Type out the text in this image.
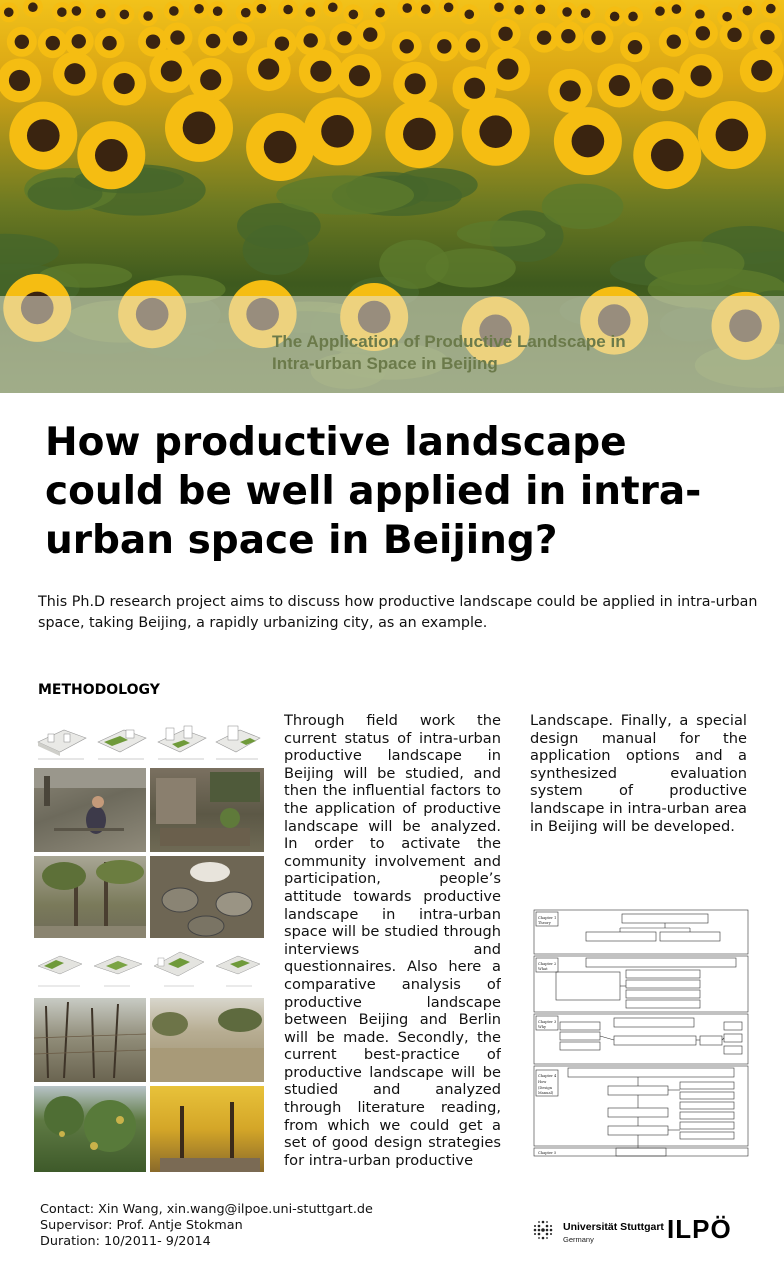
The Application of Productive Landscape in
Intra-urban Space in Beijing
How productive landscape could be well applied in intra-urban space in Beijing?

This Ph.D research project aims to discuss how productive landscape could be applied in intra-urban space, taking Beijing, a rapidly urbanizing city, as an example.

METHODOLOGY

Through field work the current status of intra-urban productive landscape in Beijing will be studied, and then the influential factors to the application of productive landscape will be analyzed. In order to activate the community involvement and participation, people’s attitude towards productive landscape in intra-urban space will be studied through interviews and questionnaires. Also here a comparative analysis of productive landscape between Beijing and Berlin will be made. Secondly, the current best-practice of productive landscape will be studied and analyzed through literature reading, from which we could get a set of good design strategies for intra-urban productive

Landscape. Finally, a special design manual for the application options and a synthesized evaluation system of productive landscape in intra-urban area in Beijing will be developed.

Chapter 1
Theory
Chapter 2
What
Chapter 3
Why
Chapter 4
How
(Design
Manual)
Chapter 5
Contact: Xin Wang, xin.wang@ilpoe.uni-stuttgart.de
Supervisor: Prof. Antje Stokman
Duration: 10/2011- 9/2014
Universität Stuttgart
Germany	ILPÖ
